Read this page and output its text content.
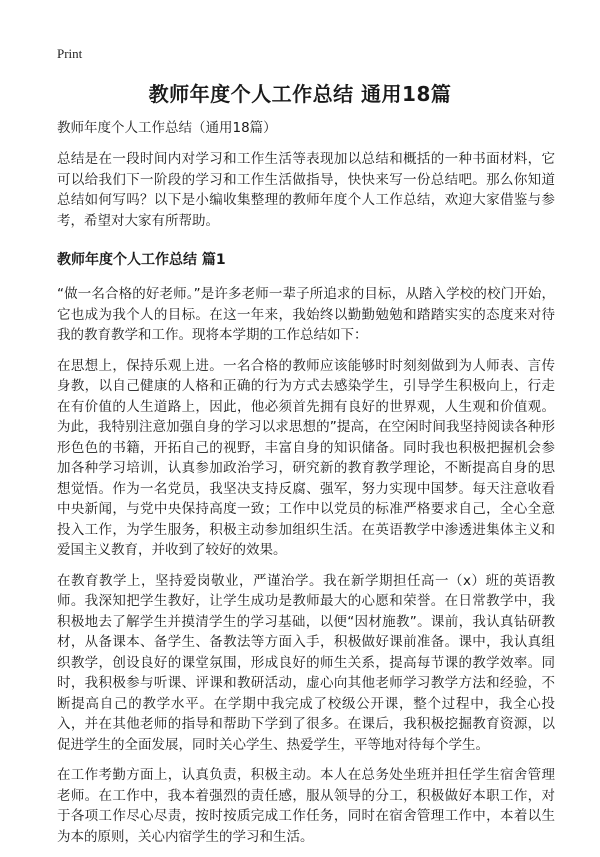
Print
教师年度个人工作总结 通用18篇

教师年度个人工作总结（通用18篇）

总结是在一段时间内对学习和工作生活等表现加以总结和概括的一种书面材料，它可以给我们下一阶段的学习和工作生活做指导，快快来写一份总结吧。那么你知道总结如何写吗？以下是小编收集整理的教师年度个人工作总结，欢迎大家借鉴与参考，希望对大家有所帮助。

教师年度个人工作总结 篇1

“做一名合格的好老师。”是许多老师一辈子所追求的目标，从踏入学校的校门开始，它也成为我个人的目标。在这一年来，我始终以勤勤勉勉和踏踏实实的态度来对待我的教育教学和工作。现将本学期的工作总结如下：

在思想上，保持乐观上进。一名合格的教师应该能够时时刻刻做到为人师表、言传身教，以自己健康的人格和正确的行为方式去感染学生，引导学生积极向上，行走在有价值的人生道路上，因此，他必须首先拥有良好的世界观，人生观和价值观。为此，我特别注意加强自身的学习以求思想的”提高，在空闲时间我坚持阅读各种形形色色的书籍，开拓自己的视野，丰富自身的知识储备。同时我也积极把握机会参加各种学习培训，认真参加政治学习，研究新的教育教学理论，不断提高自身的思想觉悟。作为一名党员，我坚决支持反腐、强军，努力实现中国梦。每天注意收看中央新闻，与党中央保持高度一致；工作中以党员的标准严格要求自己，全心全意投入工作，为学生服务，积极主动参加组织生活。在英语教学中渗透进集体主义和爱国主义教育，并收到了较好的效果。

在教育教学上，坚持爱岗敬业，严谨治学。我在新学期担任高一（x）班的英语教师。我深知把学生教好，让学生成功是教师最大的心愿和荣誉。在日常教学中，我积极地去了解学生并摸清学生的学习基础，以便“因材施教”。课前，我认真钻研教材，从备课本、备学生、备教法等方面入手，积极做好课前准备。课中，我认真组织教学，创设良好的课堂氛围，形成良好的师生关系，提高每节课的教学效率。同时，我积极参与听课、评课和教研活动，虚心向其他老师学习教学方法和经验，不断提高自己的教学水平。在学期中我完成了校级公开课，整个过程中，我全心投入，并在其他老师的指导和帮助下学到了很多。在课后，我积极挖掘教育资源，以促进学生的全面发展，同时关心学生、热爱学生，平等地对待每个学生。

在工作考勤方面上，认真负责，积极主动。本人在总务处坐班并担任学生宿舍管理老师。在工作中，我本着强烈的责任感，服从领导的分工，积极做好本职工作，对于各项工作尽心尽责，按时按质完成工作任务，同时在宿舍管理工作中，本着以生为本的原则，关心内宿学生的学习和生活。
